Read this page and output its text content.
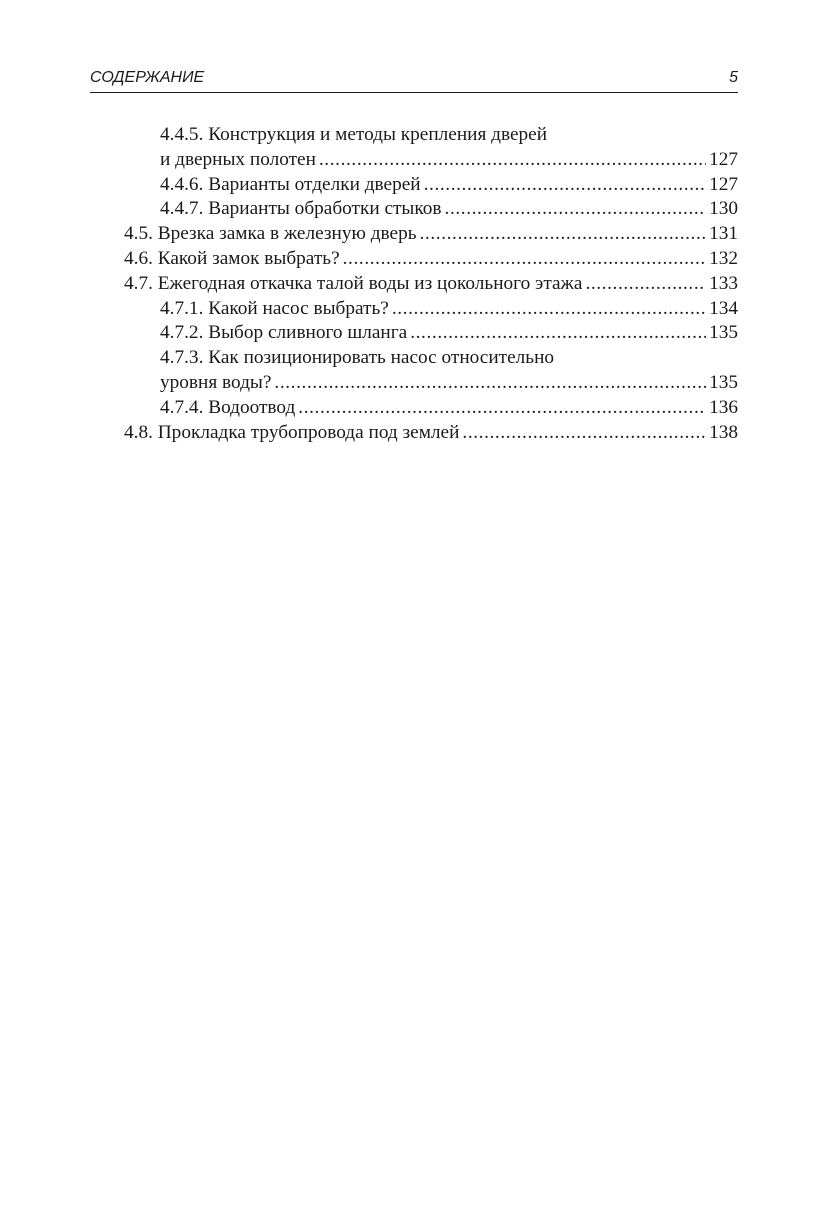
СОДЕРЖАНИЕ	5
4.4.5. Конструкция и методы крепления дверей
и дверных полотен .....	127
4.4.6. Варианты отделки дверей .....	127
4.4.7. Варианты обработки стыков .....	130
4.5. Врезка замка в железную дверь .....	131
4.6. Какой замок выбрать? .....	132
4.7. Ежегодная откачка талой воды из цокольного этажа .....	133
4.7.1. Какой насос выбрать? .....	134
4.7.2. Выбор сливного шланга .....	135
4.7.3. Как позиционировать насос относительно
уровня воды? .....	135
4.7.4. Водоотвод .....	136
4.8. Прокладка трубопровода под землей .....	138
